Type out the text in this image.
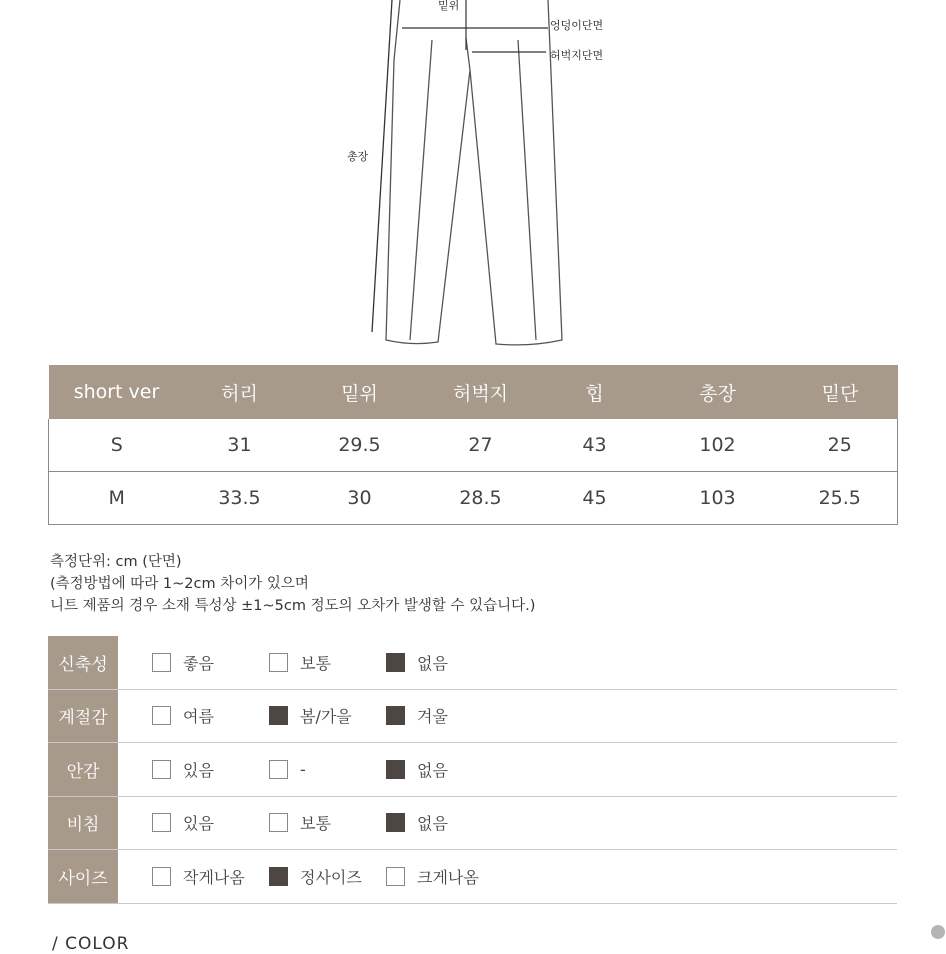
밑위
엉덩이단면
허벅지단면
총장
short ver	허리	밑위	허벅지	힙	총장	밑단
S	31	29.5	27	43	102	25
M	33.5	30	28.5	45	103	25.5
측정단위: cm (단면)
(측정방법에 따라 1~2cm 차이가 있으며
니트 제품의 경우 소재 특성상 ±1~5cm 정도의 오차가 발생할 수 있습니다.)
신축성	좋음	보통	없음
계절감	여름	봄/가을	겨울
안감	있음	-	없음
비침	있음	보통	없음
사이즈	작게나옴	정사이즈	크게나옴
/ COLOR
